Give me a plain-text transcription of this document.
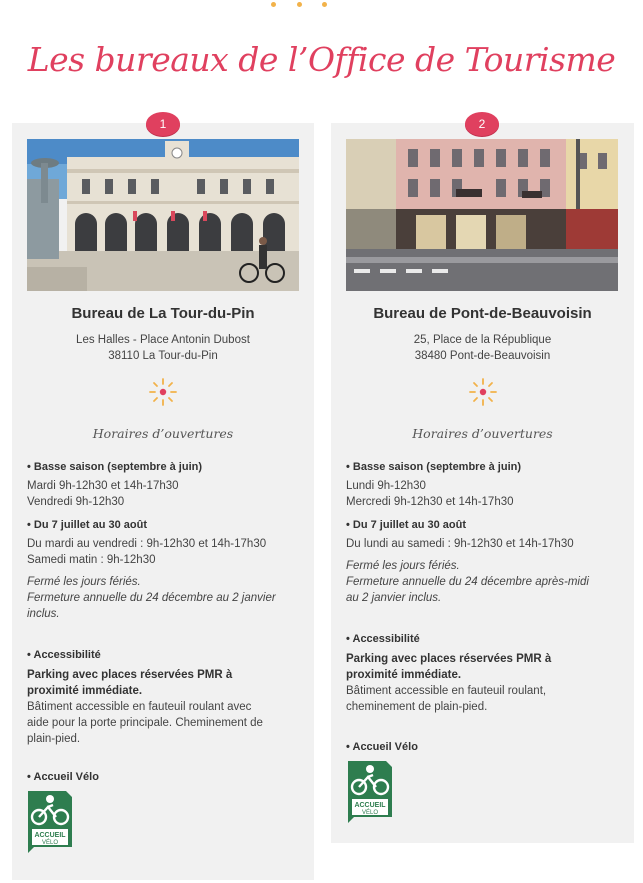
Les bureaux de l’Office de Tourisme
1
Bureau de La Tour-du-Pin
Les Halles - Place Antonin Dubost
38110 La Tour-du-Pin
Horaires d’ouvertures
• Basse saison (septembre à juin)
Mardi 9h-12h30 et 14h-17h30
Vendredi 9h-12h30
• Du 7 juillet au 30 août
Du mardi au vendredi : 9h-12h30 et 14h-17h30
Samedi matin : 9h-12h30
Fermé les jours fériés.
Fermeture annuelle du 24 décembre au 2 janvier
inclus.
• Accessibilité
Parking avec places réservées PMR à
proximité immédiate.
Bâtiment accessible en fauteuil roulant avec
aide pour la porte principale. Cheminement de
plain-pied.
• Accueil Vélo
ACCUEIL
VÉLO
2
Bureau de Pont-de-Beauvoisin
25, Place de la République
38480 Pont-de-Beauvoisin
Horaires d’ouvertures
• Basse saison (septembre à juin)
Lundi 9h-12h30
Mercredi 9h-12h30 et 14h-17h30
• Du 7 juillet au 30 août
Du lundi au samedi : 9h-12h30 et 14h-17h30
Fermé les jours fériés.
Fermeture annuelle du 24 décembre après-midi
au 2 janvier inclus.
• Accessibilité
Parking avec places réservées PMR à
proximité immédiate.
Bâtiment accessible en fauteuil roulant,
cheminement de plain-pied.
• Accueil Vélo
ACCUEIL
VÉLO
